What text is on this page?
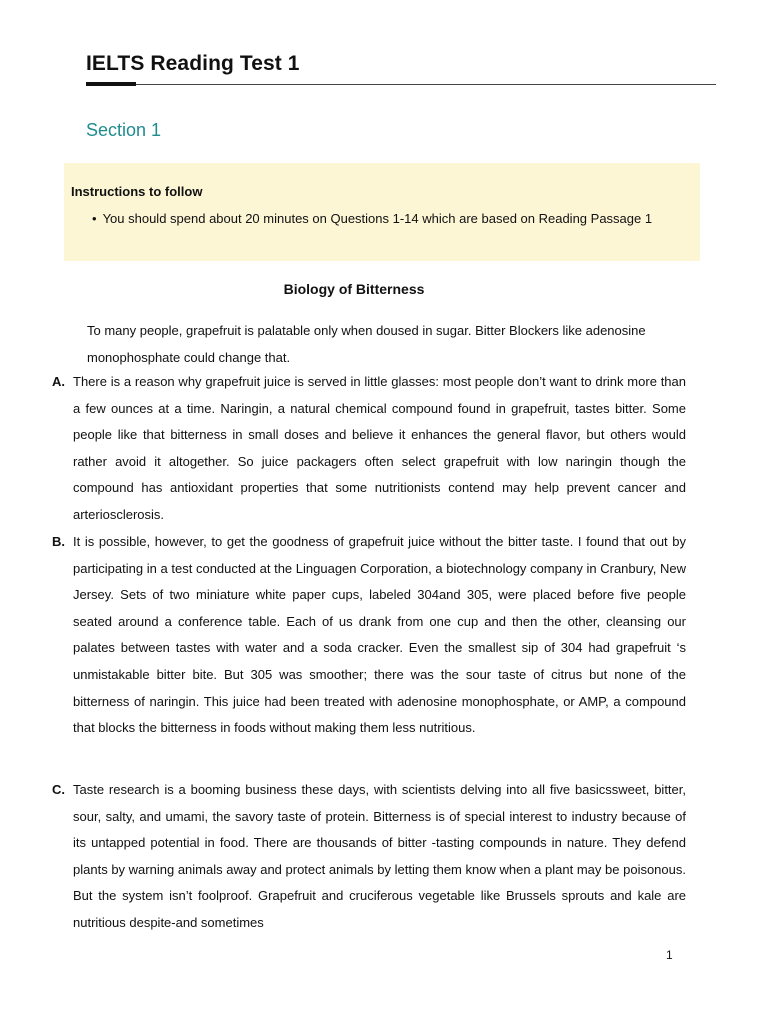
IELTS Reading Test 1
Section 1
Instructions to follow
• You should spend about 20 minutes on Questions 1-14 which are based on Reading Passage 1
Biology of Bitterness
To many people, grapefruit is palatable only when doused in sugar. Bitter Blockers like adenosine monophosphate could change that.
A. There is a reason why grapefruit juice is served in little glasses: most people don’t want to drink more than a few ounces at a time. Naringin, a natural chemical compound found in grapefruit, tastes bitter. Some people like that bitterness in small doses and believe it enhances the general flavor, but others would rather avoid it altogether. So juice packagers often select grapefruit with low naringin though the compound has antioxidant properties that some nutritionists contend may help prevent cancer and arteriosclerosis.
B. It is possible, however, to get the goodness of grapefruit juice without the bitter taste. I found that out by participating in a test conducted at the Linguagen Corporation, a biotechnology company in Cranbury, New Jersey. Sets of two miniature white paper cups, labeled 304and 305, were placed before five people seated around a conference table. Each of us drank from one cup and then the other, cleansing our palates between tastes with water and a soda cracker. Even the smallest sip of 304 had grapefruit ‘s unmistakable bitter bite. But 305 was smoother; there was the sour taste of citrus but none of the bitterness of naringin. This juice had been treated with adenosine monophosphate, or AMP, a compound that blocks the bitterness in foods without making them less nutritious.
C. Taste research is a booming business these days, with scientists delving into all five basicssweet, bitter, sour, salty, and umami, the savory taste of protein. Bitterness is of special interest to industry because of its untapped potential in food. There are thousands of bitter -tasting compounds in nature. They defend plants by warning animals away and protect animals by letting them know when a plant may be poisonous. But the system isn’t foolproof. Grapefruit and cruciferous vegetable like Brussels sprouts and kale are nutritious despite-and sometimes
1
